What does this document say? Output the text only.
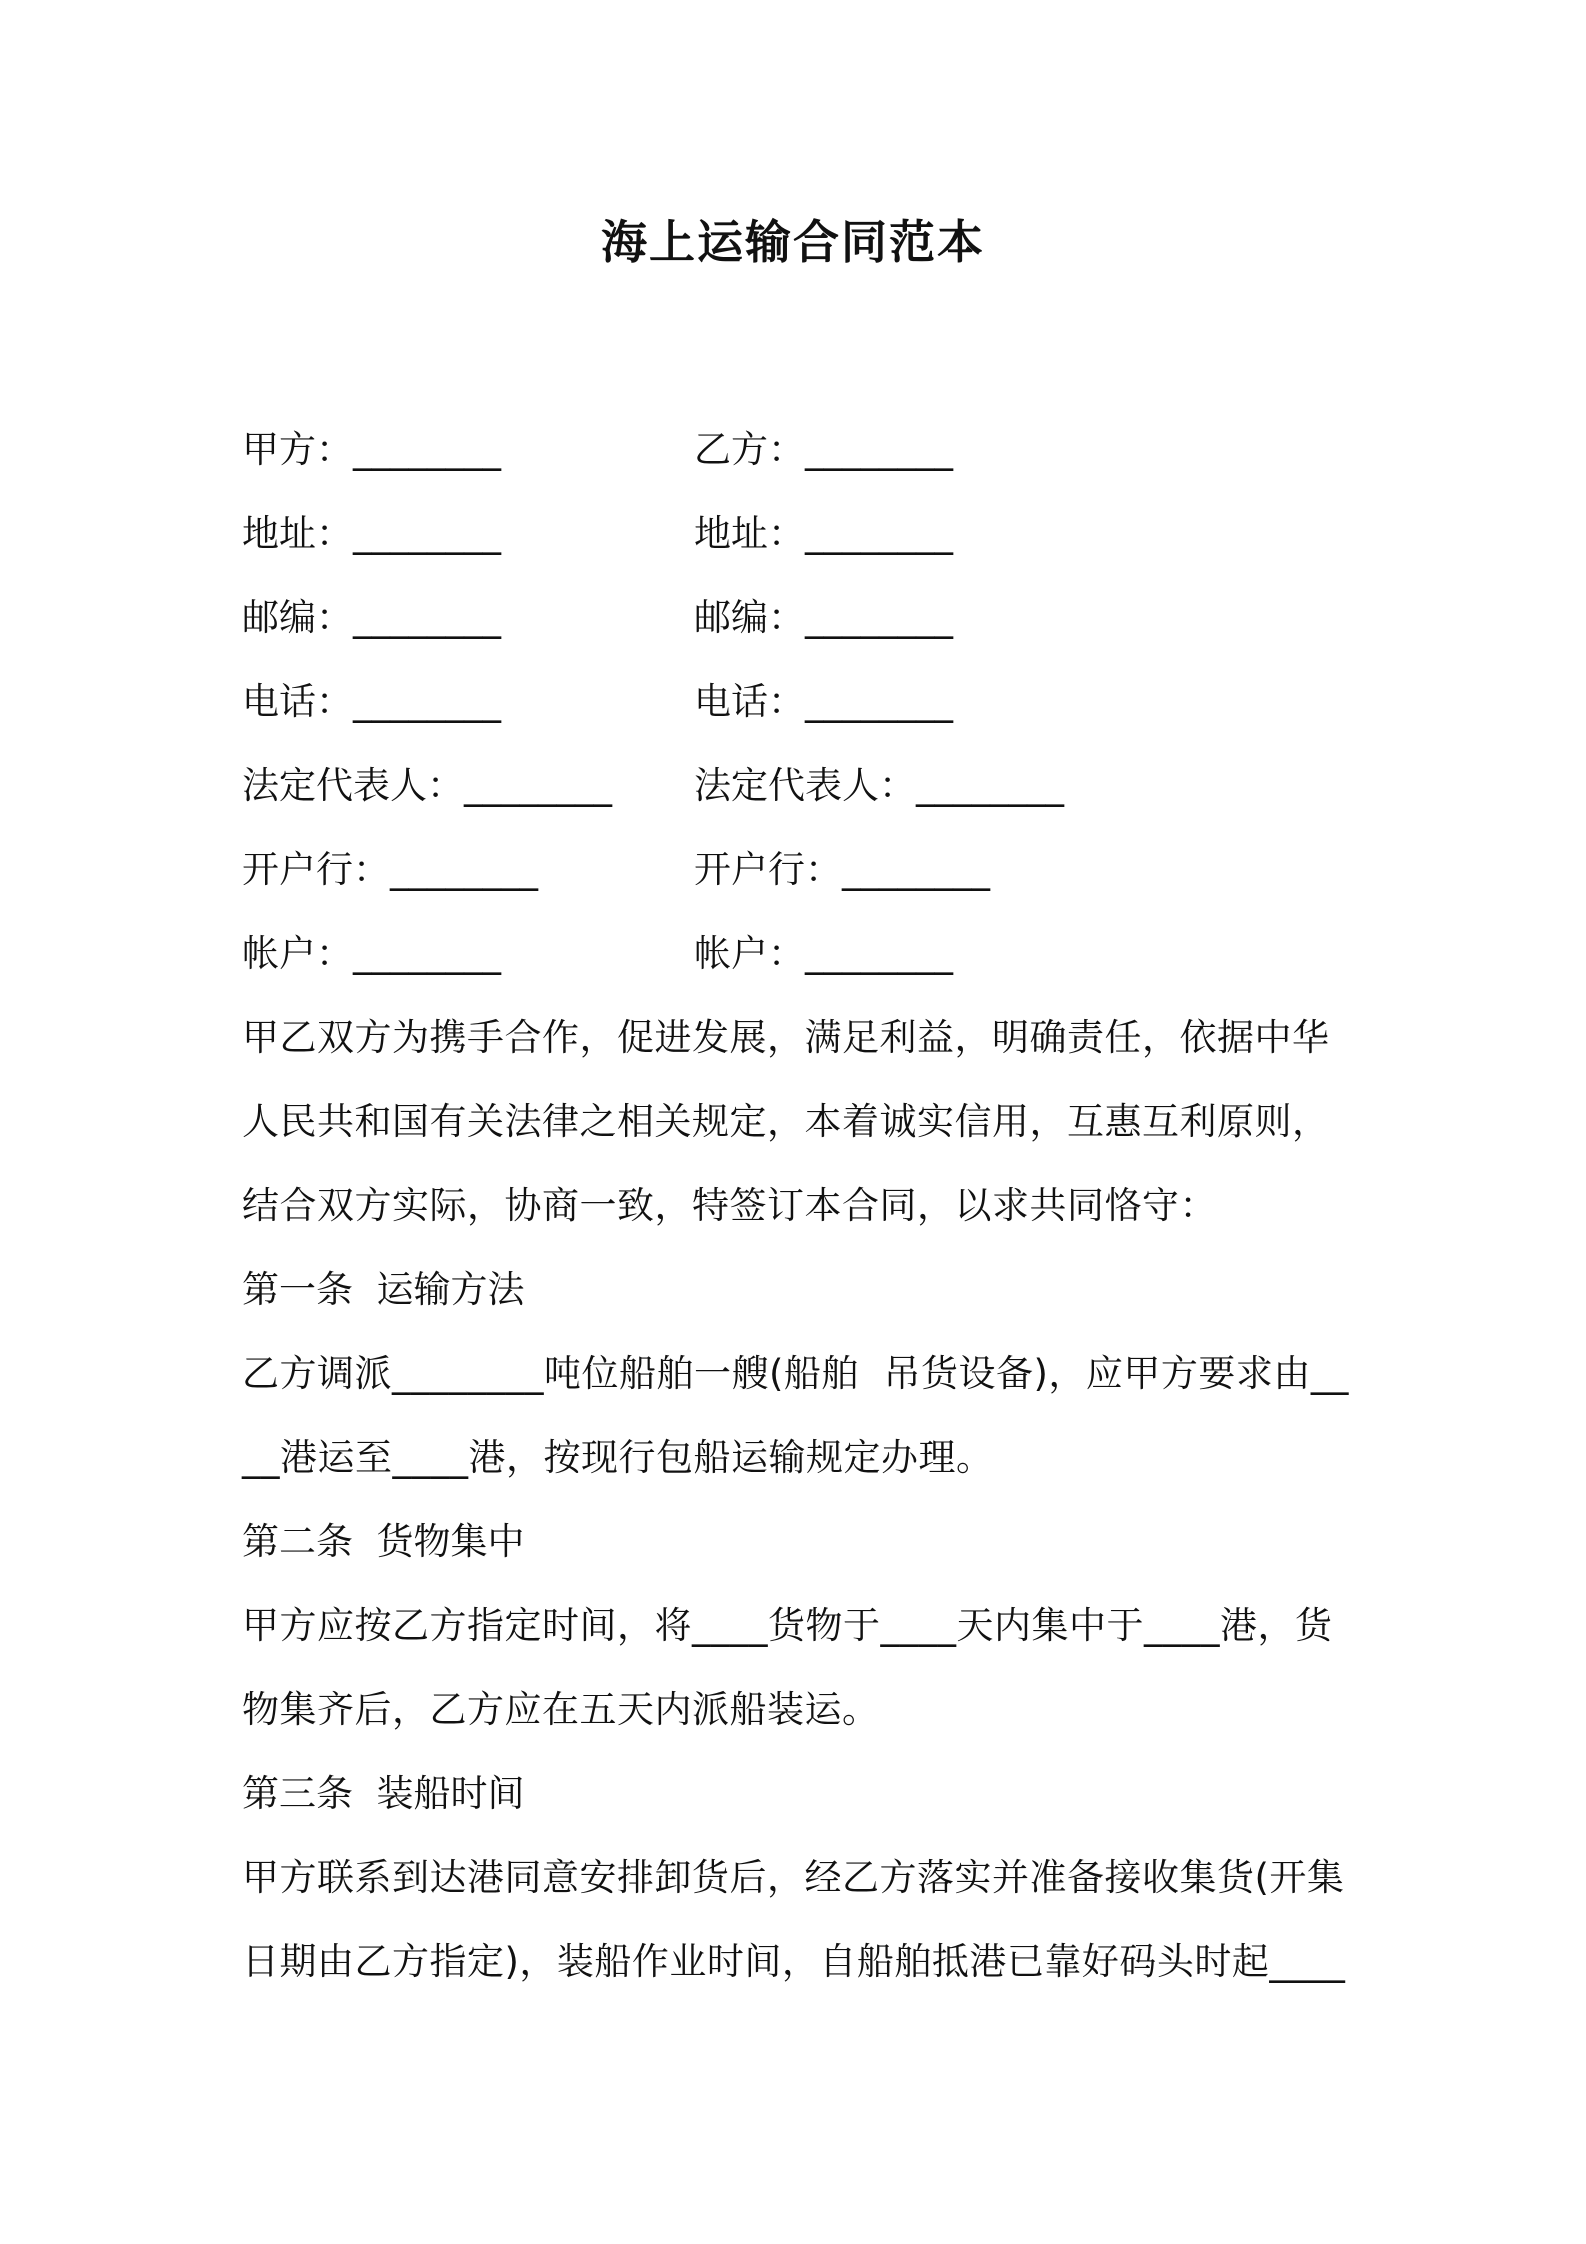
海上运输合同范本
甲方：________	乙方：________
地址：________	地址：________
邮编：________	邮编：________
电话：________	电话：________
法定代表人：________	法定代表人：________
开户行：________	开户行：________
帐户：________	帐户：________
甲乙双方为携手合作，促进发展，满足利益，明确责任，依据中华人民共和国有关法律之相关规定，本着诚实信用，互惠互利原则，结合双方实际，协商一致，特签订本合同，以求共同恪守：
第一条  运输方法
乙方调派________吨位船舶一艘(船舶  吊货设备)，应甲方要求由____港运至____港，按现行包船运输规定办理。
第二条  货物集中
甲方应按乙方指定时间，将____货物于____天内集中于____港，货物集齐后，乙方应在五天内派船装运。
第三条  装船时间
甲方联系到达港同意安排卸货后，经乙方落实并准备接收集货(开集日期由乙方指定)，装船作业时间，自船舶抵港已靠好码头时起____
